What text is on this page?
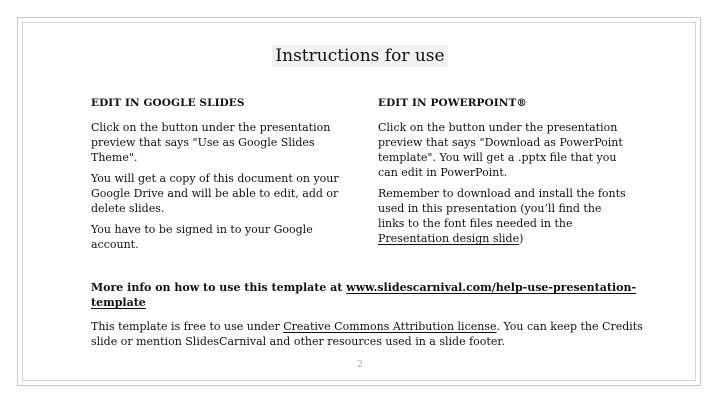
Instructions for use
EDIT IN GOOGLE SLIDES

Click on the button under the presentation preview that says "Use as Google Slides Theme".

You will get a copy of this document on your Google Drive and will be able to edit, add or delete slides.

You have to be signed in to your Google account.

EDIT IN POWERPOINT®

Click on the button under the presentation preview that says "Download as PowerPoint template". You will get a .pptx file that you can edit in PowerPoint.

Remember to download and install the fonts used in this presentation (you’ll find the links to the font files needed in the Presentation design slide)

More info on how to use this template at www.slidescarnival.com/help-use-presentation-template
This template is free to use under Creative Commons Attribution license. You can keep the Credits slide or mention SlidesCarnival and other resources used in a slide footer.
2
